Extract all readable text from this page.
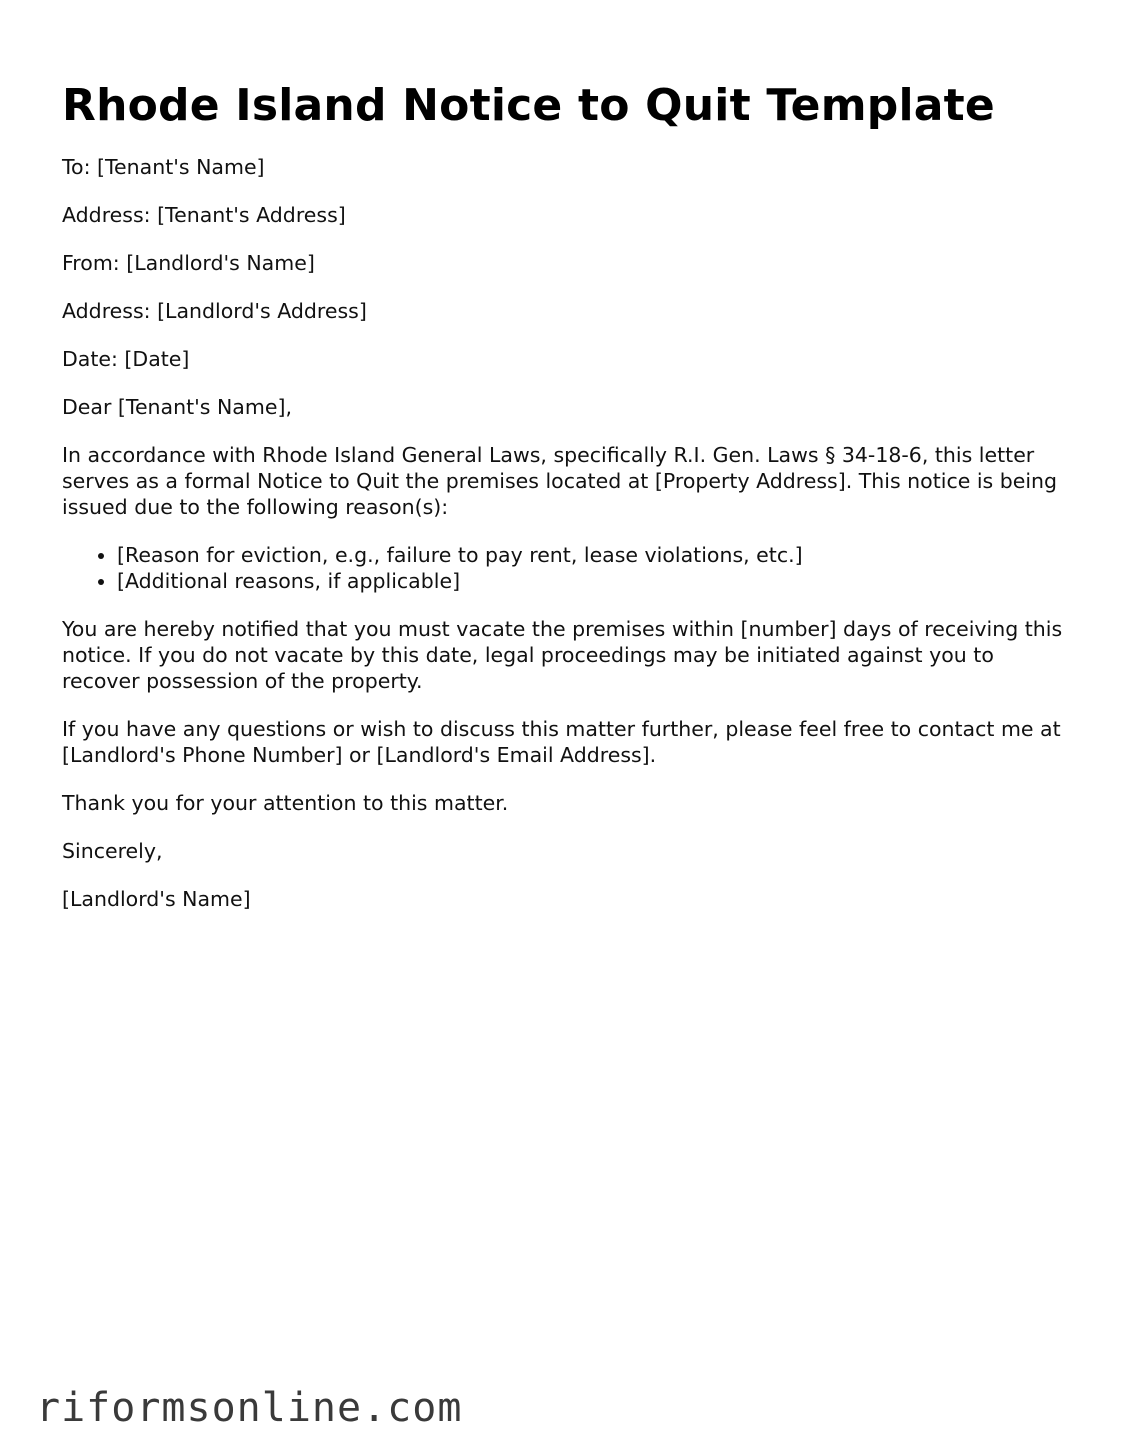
Rhode Island Notice to Quit Template

To: [Tenant's Name]

Address: [Tenant's Address]

From: [Landlord's Name]

Address: [Landlord's Address]

Date: [Date]

Dear [Tenant's Name],

In accordance with Rhode Island General Laws, specifically R.I. Gen. Laws § 34-18-6, this letter serves as a formal Notice to Quit the premises located at [Property Address]. This notice is being issued due to the following reason(s):

• [Reason for eviction, e.g., failure to pay rent, lease violations, etc.]
• [Additional reasons, if applicable]

You are hereby notified that you must vacate the premises within [number] days of receiving this notice. If you do not vacate by this date, legal proceedings may be initiated against you to recover possession of the property.

If you have any questions or wish to discuss this matter further, please feel free to contact me at [Landlord's Phone Number] or [Landlord's Email Address].

Thank you for your attention to this matter.

Sincerely,

[Landlord's Name]

riformsonline.com
